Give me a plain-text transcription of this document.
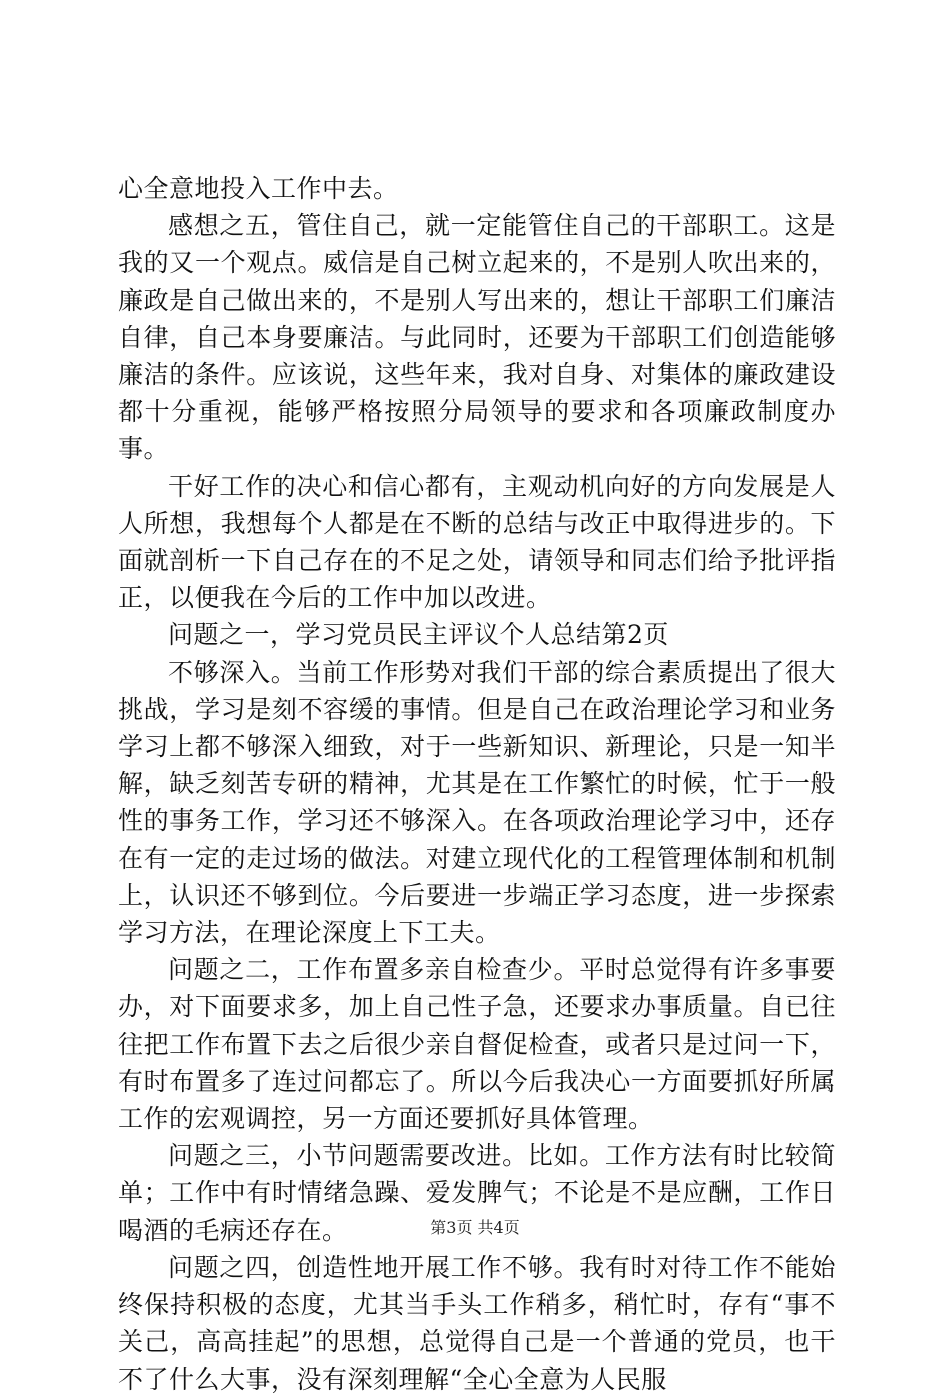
心全意地投入工作中去。

感想之五，管住自己，就一定能管住自己的干部职工。这是我的又一个观点。威信是自己树立起来的，不是别人吹出来的，廉政是自己做出来的，不是别人写出来的，想让干部职工们廉洁自律，自己本身要廉洁。与此同时，还要为干部职工们创造能够廉洁的条件。应该说，这些年来，我对自身、对集体的廉政建设都十分重视，能够严格按照分局领导的要求和各项廉政制度办事。

干好工作的决心和信心都有，主观动机向好的方向发展是人人所想，我想每个人都是在不断的总结与改正中取得进步的。下面就剖析一下自己存在的不足之处，请领导和同志们给予批评指正，以便我在今后的工作中加以改进。

问题之一，学习党员民主评议个人总结第2页

不够深入。当前工作形势对我们干部的综合素质提出了很大挑战，学习是刻不容缓的事情。但是自己在政治理论学习和业务学习上都不够深入细致，对于一些新知识、新理论，只是一知半解，缺乏刻苦专研的精神，尤其是在工作繁忙的时候，忙于一般性的事务工作，学习还不够深入。在各项政治理论学习中，还存在有一定的走过场的做法。对建立现代化的工程管理体制和机制上，认识还不够到位。今后要进一步端正学习态度，进一步探索学习方法，在理论深度上下工夫。

问题之二，工作布置多亲自检查少。平时总觉得有许多事要办，对下面要求多，加上自己性子急，还要求办事质量。自已往往把工作布置下去之后很少亲自督促检查，或者只是过问一下，有时布置多了连过问都忘了。所以今后我决心一方面要抓好所属工作的宏观调控，另一方面还要抓好具体管理。

问题之三，小节问题需要改进。比如。工作方法有时比较简单；工作中有时情绪急躁、爱发脾气；不论是不是应酬，工作日喝酒的毛病还存在。

问题之四，创造性地开展工作不够。我有时对待工作不能始终保持积极的态度，尤其当手头工作稍多，稍忙时，存有“事不关己，高高挂起”的思想，总觉得自己是一个普通的党员，也干不了什么大事，没有深刻理解“全心全意为人民服

第3页 共4页
